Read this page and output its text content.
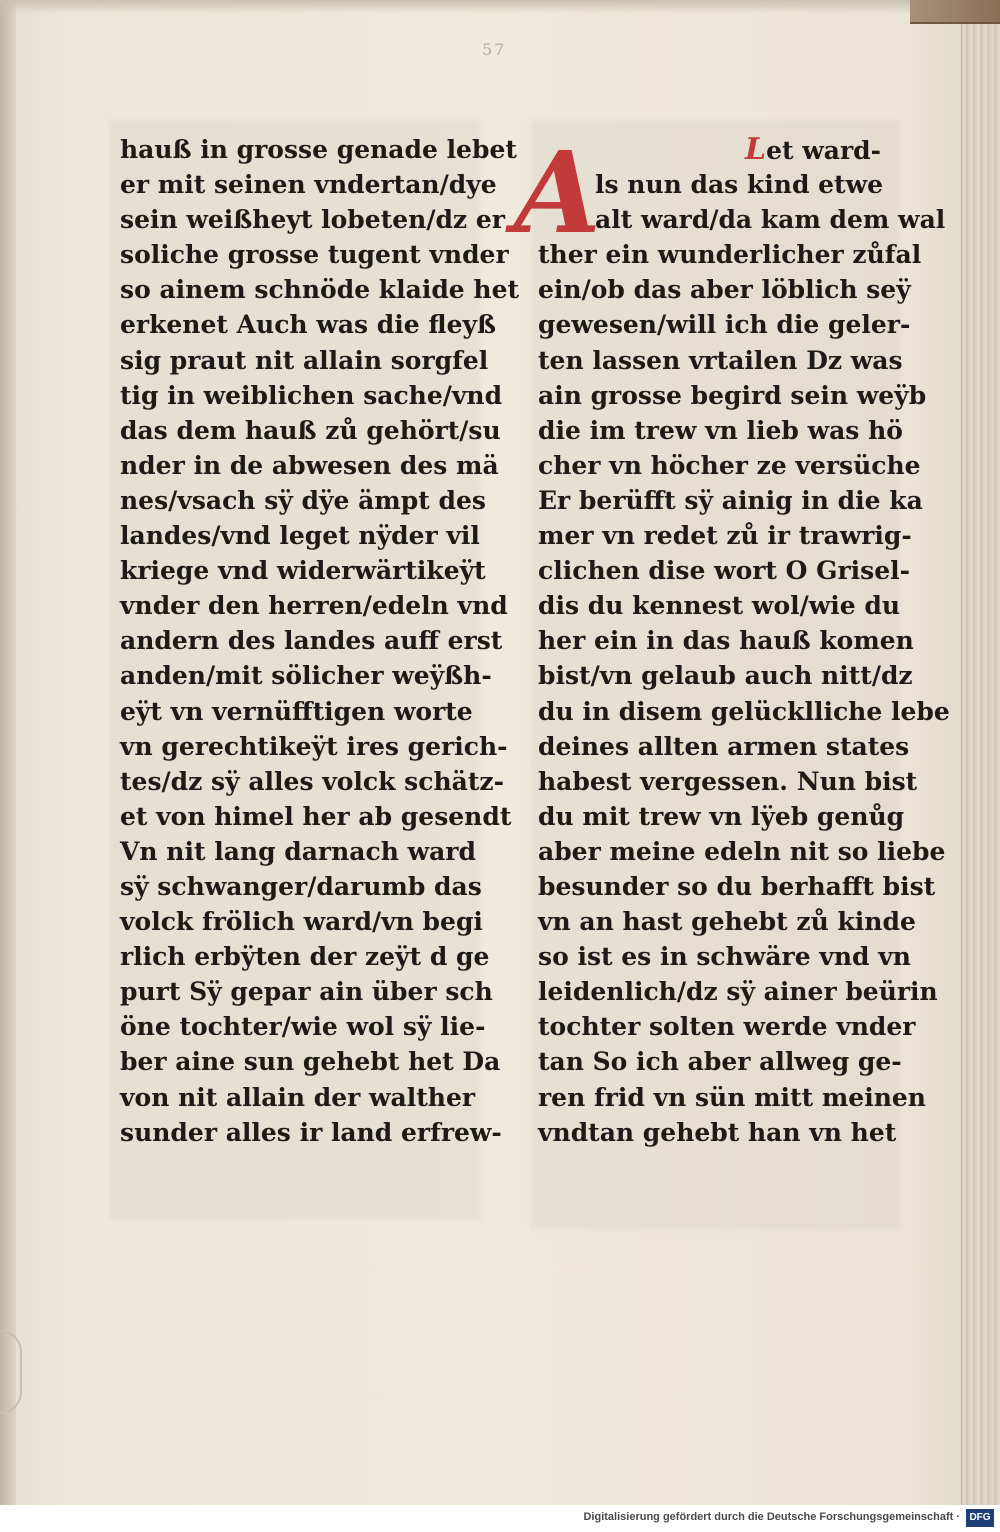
57
hauß in grosse genade lebet
er mit seinen vndertan/dye
sein weißheyt lobeten/dz er
soliche grosse tugent vnder
so ainem schnöde klaide het
erkenet Auch was die fleyß
sig praut nit allain sorgfel
tig in weiblichen sache/vnd
das dem hauß zů gehört/su
nder in de abwesen des mä
nes/vsach sÿ dÿe ämpt des
landes/vnd leget nÿder vil
kriege vnd widerwärtikeÿt
vnder den herren/edeln vnd
andern des landes auff erst
anden/mit sölicher weÿßh-
eÿt vn vernüfftigen worte
vn gerechtikeÿt ires gerich-
tes/dz sÿ alles volck schätz-
et von himel her ab gesendt
Vn nit lang darnach ward
sÿ schwanger/darumb das
volck frölich ward/vn begi
rlich erbÿten der zeÿt d ge
purt Sÿ gepar ain über sch
öne tochter/wie wol sÿ lie-
ber aine sun gehebt het Da
von nit allain der walther
sunder alles ir land erfrew-
A	Let ward-
ls nun das kind etwe
alt ward/da kam dem wal
ther ein wunderlicher zůfal
ein/ob das aber löblich seÿ
gewesen/will ich die geler-
ten lassen vrtailen Dz was
ain grosse begird sein weÿb
die im trew vn lieb was hö
cher vn höcher ze versüche
Er berüfft sÿ ainig in die ka
mer vn redet zů ir trawrig-
clichen dise wort O Grisel-
dis du kennest wol/wie du
her ein in das hauß komen
bist/vn gelaub auch nitt/dz
du in disem gelücklliche lebe
deines allten armen states
habest vergessen. Nun bist
du mit trew vn lÿeb genůg
aber meine edeln nit so liebe
besunder so du berhafft bist
vn an hast gehebt zů kinde
so ist es in schwäre vnd vn
leidenlich/dz sÿ ainer beürin
tochter solten werde vnder
tan So ich aber allweg ge-
ren frid vn sün mitt meinen
vndtan gehebt han vn het
Digitalisierung gefördert durch die Deutsche Forschungsgemeinschaft · DFG
